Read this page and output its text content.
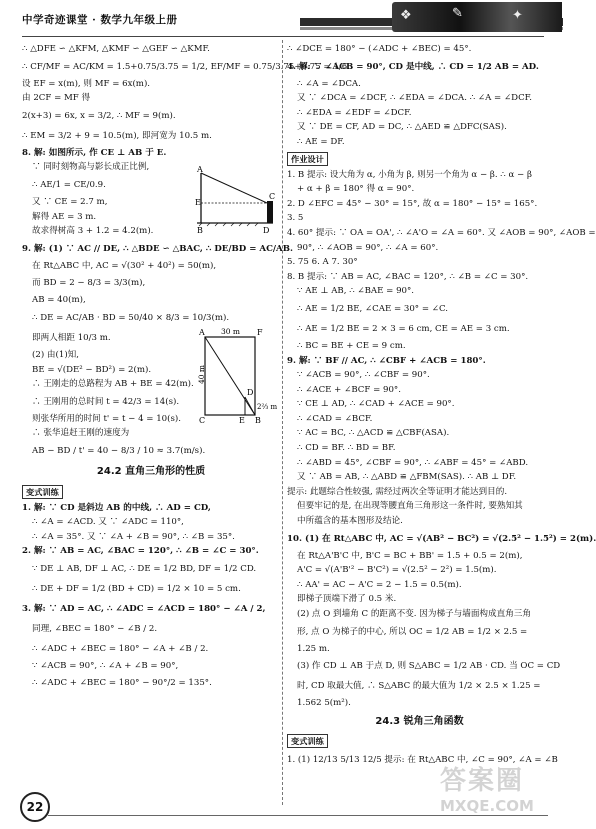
中学奇迹课堂 · 数学九年级上册	❖	✎	✦
∴ △DFE ∽ △KFM, △KMF ∽ △GEF ∽ △KMF.
∴ CF/MF = AC/KM = 1.5+0.75/3.75 = 1/2, EF/MF = 0.75/3.75+0.75 = 1/6.
设 EF = x(m), 则 MF = 6x(m).
由 2CF = MF 得
2(x+3) = 6x, x = 3/2, ∴ MF = 9(m).
∴ EM = 3/2 + 9 = 10.5(m), 即河宽为 10.5 m.
8. 解: 如图所示, 作 CE ⊥ AB 于 E.
∵ 同时刻物高与影长成正比例,
∴ AE/1 = CE/0.9.
又 ∵ CE = 2.7 m,
解得 AE = 3 m.
故求得树高 3 + 1.2 = 4.2(m).
9. 解: (1) ∵ AC // DE, ∴ △BDE ∽ △BAC, ∴ DE/BD = AC/AB.
在 Rt△ABC 中, AC = √(30² + 40²) = 50(m),
而 BD = 2 − 8/3 = 3/3(m),
AB = 40(m),
∴ DE = AC/AB · BD = 50/40 × 8/3 = 10/3(m).
即两人相距 10/3 m.
(2) 由(1)知,
BE = √(DE² − BD²) = 2(m).
∴ 王刚走的总路程为 AB + BE = 42(m).
∴ 王刚用的总时间 t = 42/3 = 14(s).
则张华所用的时间 t' = t − 4 = 10(s).
∴ 张华追赶王刚的速度为
AB − BD / t' = 40 − 8/3 / 10 ≈ 3.7(m/s).
24.2 直角三角形的性质
变式训练
1. 解: ∵ CD 是斜边 AB 的中线, ∴ AD = CD,
∴ ∠A = ∠ACD. 又 ∵ ∠ADC = 110°,
∴ ∠A = 35°. 又 ∵ ∠A + ∠B = 90°, ∴ ∠B = 35°.
2. 解: ∵ AB = AC, ∠BAC = 120°, ∴ ∠B = ∠C = 30°.
∵ DE ⊥ AB, DF ⊥ AC, ∴ DE = 1/2 BD, DF = 1/2 CD.
∴ DE + DF = 1/2 (BD + CD) = 1/2 × 10 = 5 cm.
3. 解: ∵ AD = AC, ∴ ∠ADC = ∠ACD = 180° − ∠A / 2,
同理, ∠BEC = 180° − ∠B / 2.
∴ ∠ADC + ∠BEC = 180° − ∠A + ∠B / 2.
∵ ∠ACB = 90°, ∴ ∠A + ∠B = 90°,
∴ ∠ADC + ∠BEC = 180° − 90°/2 = 135°.
A
C
E
B	D
30 m
40 m
2⅔ m
A
B
C
D
E
F
∴ ∠DCE = 180° − (∠ADC + ∠BEC) = 45°.
4. 解: ∵ ∠ACB = 90°, CD 是中线, ∴ CD = 1/2 AB = AD.
∴ ∠A = ∠DCA.
又 ∵ ∠DCA = ∠DCF, ∴ ∠EDA = ∠DCA. ∴ ∠A = ∠DCF.
∴ ∠EDA = ∠EDF = ∠DCF.
又 ∵ DE = CF, AD = DC, ∴ △AED ≌ △DFC(SAS).
∴ AE = DF.
作业设计
1. B 提示: 设大角为 α, 小角为 β, 则另一个角为 α − β. ∴ α − β
+ α + β = 180° 得 α = 90°.
2. D ∠EFC = 45° − 30° = 15°, 故 α = 180° − 15° = 165°.
3. 5
4. 60° 提示: ∵ OA = OA', ∴ ∠A'O = ∠A = 60°. 又 ∠AOB = 90°, ∠AOB =
90°, ∴ ∠AOB = 90°, ∴ ∠A = 60°.
5. 75 6. A 7. 30°
8. B 提示: ∵ AB = AC, ∠BAC = 120°, ∴ ∠B = ∠C = 30°.
∵ AE ⊥ AB, ∴ ∠BAE = 90°.
∴ AE = 1/2 BE, ∠CAE = 30° = ∠C.
∴ AE = 1/2 BE = 2 × 3 = 6 cm, CE = AE = 3 cm.
∴ BC = BE + CE = 9 cm.
9. 解: ∵ BF // AC, ∴ ∠CBF + ∠ACB = 180°.
∵ ∠ACB = 90°, ∴ ∠CBF = 90°.
∴ ∠ACE + ∠BCF = 90°.
∵ CE ⊥ AD, ∴ ∠CAD + ∠ACE = 90°.
∴ ∠CAD = ∠BCF.
∵ AC = BC, ∴ △ACD ≌ △CBF(ASA).
∴ CD = BF. ∴ BD = BF.
∴ ∠ABD = 45°, ∠CBF = 90°, ∴ ∠ABF = 45° = ∠ABD.
又 ∵ AB = AB, ∴ △ABD ≌ △FBM(SAS). ∴ AB ⊥ DF.
提示: 此题综合性较强, 需经过两次全等证明才能达到目的.
但要牢记的是, 在出现等腰直角三角形这一条件时, 要熟知其
中所蕴含的基本图形及结论.
10. (1) 在 Rt△ABC 中, AC = √(AB² − BC²) = √(2.5² − 1.5²) = 2(m).
在 Rt△A'B'C 中, B'C = BC + BB' = 1.5 + 0.5 = 2(m),
A'C = √(A'B'² − B'C²) = √(2.5² − 2²) = 1.5(m).
∴ AA' = AC − A'C = 2 − 1.5 = 0.5(m).
即梯子顶端下滑了 0.5 米.
(2) 点 O 到墙角 C 的距离不变. 因为梯子与墙面构成直角三角
形, 点 O 为梯子的中心, 所以 OC = 1/2 AB = 1/2 × 2.5 =
1.25 m.
(3) 作 CD ⊥ AB 于点 D, 则 S△ABC = 1/2 AB · CD. 当 OC = CD
时, CD 取最大值, ∴ S△ABC 的最大值为 1/2 × 2.5 × 1.25 =
1.562 5(m²).
24.3 锐角三角函数
变式训练
1. (1) 12/13 5/13 12/5 提示: 在 Rt△ABC 中, ∠C = 90°, ∠A = ∠B
22
答案圈
MXQE.COM
